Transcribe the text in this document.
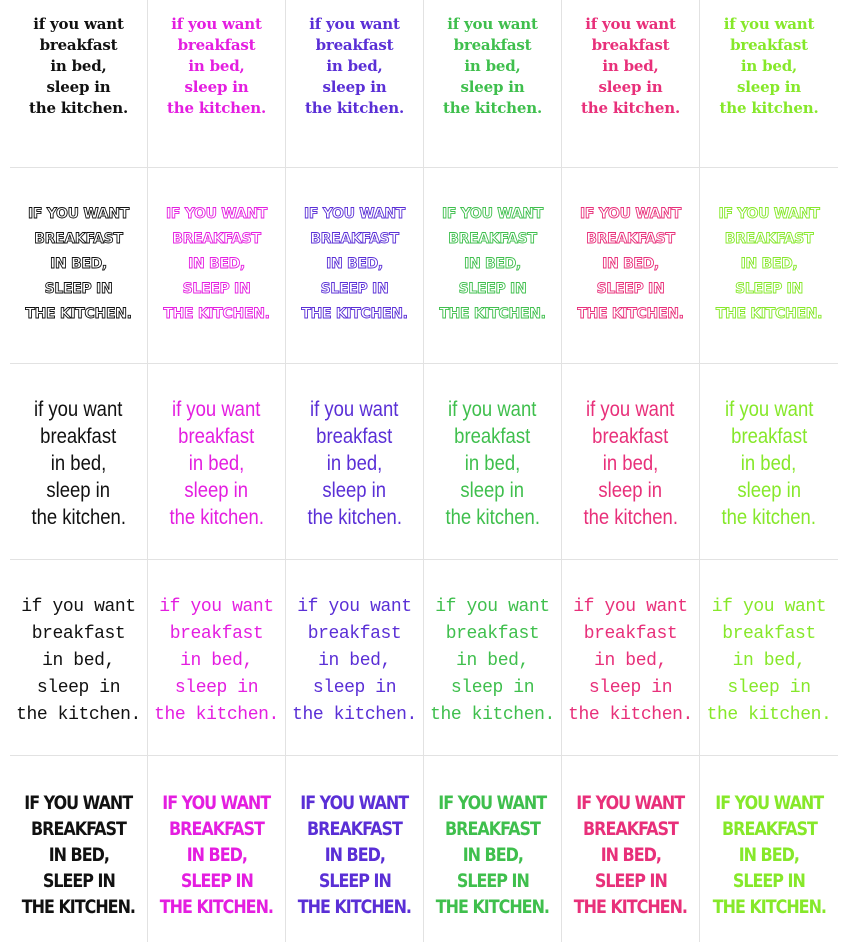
if you want
breakfast
in bed,
sleep in
the kitchen.
if you want
breakfast
in bed,
sleep in
the kitchen.
if you want
breakfast
in bed,
sleep in
the kitchen.
if you want
breakfast
in bed,
sleep in
the kitchen.
if you want
breakfast
in bed,
sleep in
the kitchen.
if you want
breakfast
in bed,
sleep in
the kitchen.
IF YOU WANT
BREAKFAST
IN BED,
SLEEP IN
THE KITCHEN.
IF YOU WANT
BREAKFAST
IN BED,
SLEEP IN
THE KITCHEN.
IF YOU WANT
BREAKFAST
IN BED,
SLEEP IN
THE KITCHEN.
IF YOU WANT
BREAKFAST
IN BED,
SLEEP IN
THE KITCHEN.
IF YOU WANT
BREAKFAST
IN BED,
SLEEP IN
THE KITCHEN.
IF YOU WANT
BREAKFAST
IN BED,
SLEEP IN
THE KITCHEN.
if you want
breakfast
in bed,
sleep in
the kitchen.
if you want
breakfast
in bed,
sleep in
the kitchen.
if you want
breakfast
in bed,
sleep in
the kitchen.
if you want
breakfast
in bed,
sleep in
the kitchen.
if you want
breakfast
in bed,
sleep in
the kitchen.
if you want
breakfast
in bed,
sleep in
the kitchen.
if you want
breakfast
in bed,
sleep in
the kitchen.
if you want
breakfast
in bed,
sleep in
the kitchen.
if you want
breakfast
in bed,
sleep in
the kitchen.
if you want
breakfast
in bed,
sleep in
the kitchen.
if you want
breakfast
in bed,
sleep in
the kitchen.
if you want
breakfast
in bed,
sleep in
the kitchen.
IF YOU WANT
BREAKFAST
IN BED,
SLEEP IN
THE KITCHEN.
IF YOU WANT
BREAKFAST
IN BED,
SLEEP IN
THE KITCHEN.
IF YOU WANT
BREAKFAST
IN BED,
SLEEP IN
THE KITCHEN.
IF YOU WANT
BREAKFAST
IN BED,
SLEEP IN
THE KITCHEN.
IF YOU WANT
BREAKFAST
IN BED,
SLEEP IN
THE KITCHEN.
IF YOU WANT
BREAKFAST
IN BED,
SLEEP IN
THE KITCHEN.
